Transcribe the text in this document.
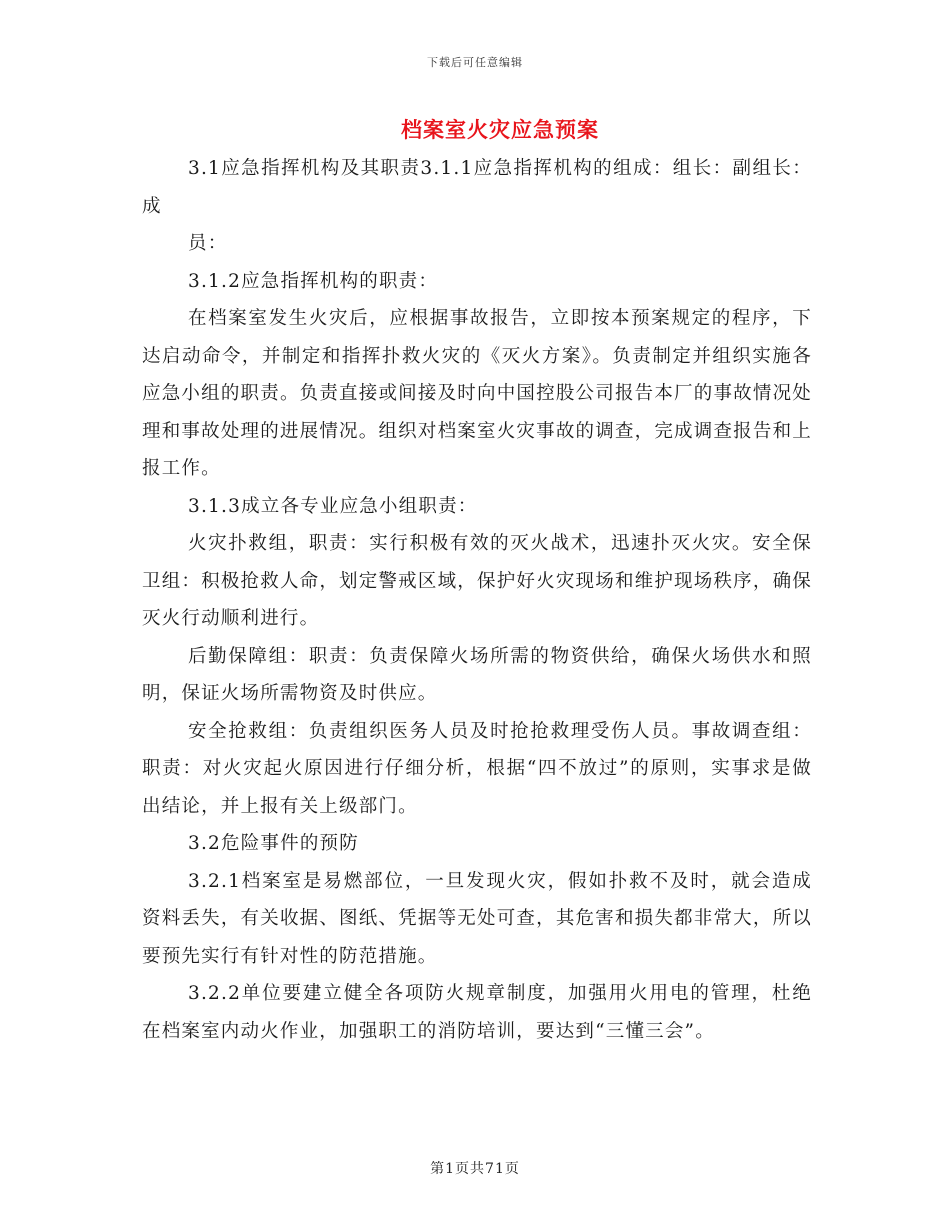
下载后可任意编辑
档案室火灾应急预案

3.1应急指挥机构及其职责3.1.1应急指挥机构的组成：组长：副组长：成

员：

3.1.2应急指挥机构的职责：

在档案室发生火灾后，应根据事故报告，立即按本预案规定的程序，下达启动命令，并制定和指挥扑救火灾的《灭火方案》。负责制定并组织实施各应急小组的职责。负责直接或间接及时向中国控股公司报告本厂的事故情况处理和事故处理的进展情况。组织对档案室火灾事故的调查，完成调查报告和上报工作。

3.1.3成立各专业应急小组职责：

火灾扑救组，职责：实行积极有效的灭火战术，迅速扑灭火灾。安全保卫组：积极抢救人命，划定警戒区域，保护好火灾现场和维护现场秩序，确保灭火行动顺利进行。

后勤保障组：职责：负责保障火场所需的物资供给，确保火场供水和照明，保证火场所需物资及时供应。

安全抢救组：负责组织医务人员及时抢抢救理受伤人员。事故调查组：职责：对火灾起火原因进行仔细分析，根据“四不放过”的原则，实事求是做出结论，并上报有关上级部门。

3.2危险事件的预防

3.2.1档案室是易燃部位，一旦发现火灾，假如扑救不及时，就会造成资料丢失，有关收据、图纸、凭据等无处可查，其危害和损失都非常大，所以要预先实行有针对性的防范措施。

3.2.2单位要建立健全各项防火规章制度，加强用火用电的管理，杜绝在档案室内动火作业，加强职工的消防培训，要达到“三懂三会”。

第1页共71页
